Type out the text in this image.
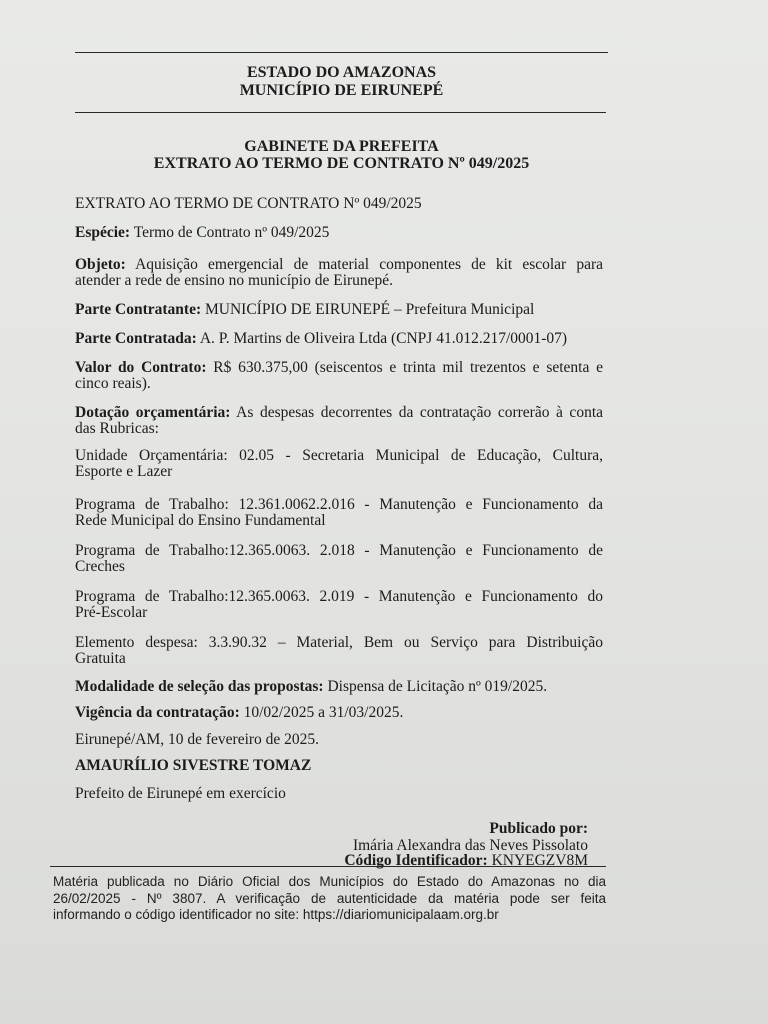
ESTADO DO AMAZONAS
MUNICÍPIO DE EIRUNEPÉ
GABINETE DA PREFEITA
EXTRATO AO TERMO DE CONTRATO Nº 049/2025
EXTRATO AO TERMO DE CONTRATO Nº 049/2025
Espécie: Termo de Contrato nº 049/2025
Objeto: Aquisição emergencial de material componentes de kit escolar para
atender a rede de ensino no município de Eirunepé.
Parte Contratante: MUNICÍPIO DE EIRUNEPÉ – Prefeitura Municipal
Parte Contratada: A. P. Martins de Oliveira Ltda (CNPJ 41.012.217/0001-07)
Valor do Contrato: R$ 630.375,00 (seiscentos e trinta mil trezentos e setenta e
cinco reais).
Dotação orçamentária: As despesas decorrentes da contratação correrão à conta
das Rubricas:
Unidade Orçamentária: 02.05 - Secretaria Municipal de Educação, Cultura,
Esporte e Lazer
Programa de Trabalho: 12.361.0062.2.016 - Manutenção e Funcionamento da
Rede Municipal do Ensino Fundamental
Programa de Trabalho:12.365.0063. 2.018 - Manutenção e Funcionamento de
Creches
Programa de Trabalho:12.365.0063. 2.019 - Manutenção e Funcionamento do
Pré-Escolar
Elemento despesa: 3.3.90.32 – Material, Bem ou Serviço para Distribuição
Gratuita
Modalidade de seleção das propostas: Dispensa de Licitação nº 019/2025.
Vigência da contratação: 10/02/2025 a 31/03/2025.
Eirunepé/AM, 10 de fevereiro de 2025.
AMAURÍLIO SIVESTRE TOMAZ
Prefeito de Eirunepé em exercício
Publicado por:
Imária Alexandra das Neves Pissolato
Código Identificador: KNYEGZV8M
Matéria publicada no Diário Oficial dos Municípios do Estado do Amazonas no dia
26/02/2025 - Nº 3807. A verificação de autenticidade da matéria pode ser feita
informando o código identificador no site: https://diariomunicipalaam.org.br
